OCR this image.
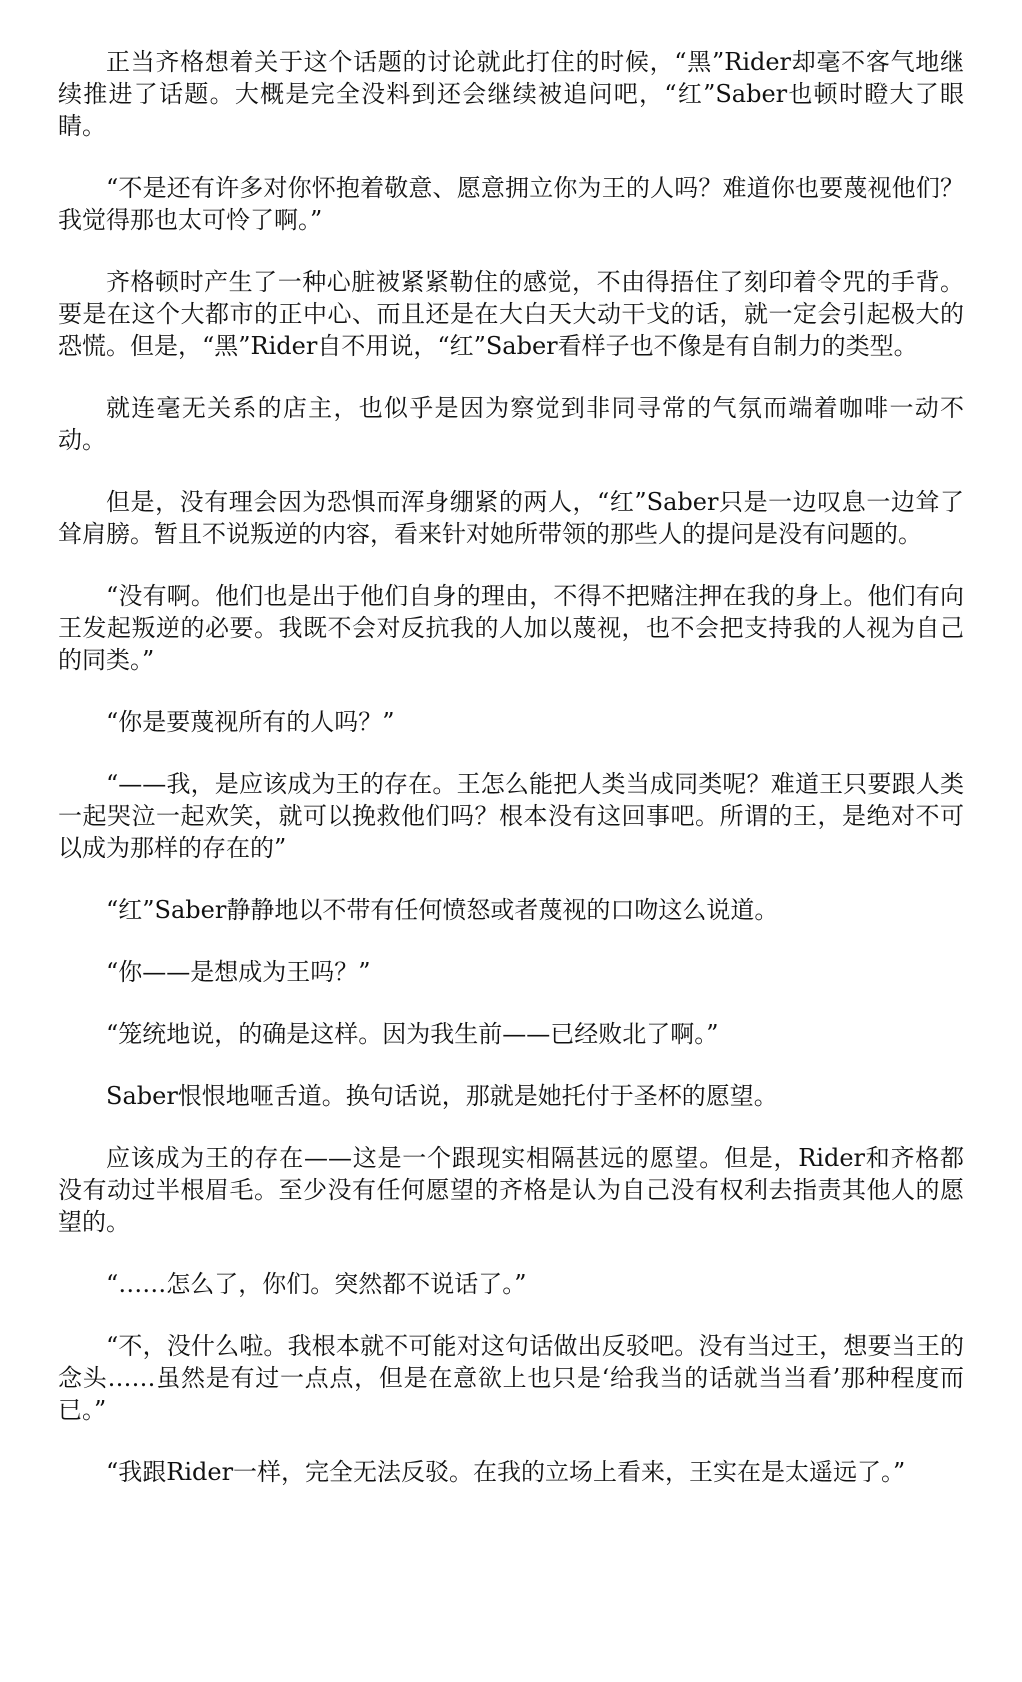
正当齐格想着关于这个话题的讨论就此打住的时候，“黑”Rider却毫不客气地继续推进了话题。大概是完全没料到还会继续被追问吧，“红”Saber也顿时瞪大了眼睛。

“不是还有许多对你怀抱着敬意、愿意拥立你为王的人吗？难道你也要蔑视他们？我觉得那也太可怜了啊。”

齐格顿时产生了一种心脏被紧紧勒住的感觉，不由得捂住了刻印着令咒的手背。要是在这个大都市的正中心、而且还是在大白天大动干戈的话，就一定会引起极大的恐慌。但是，“黑”Rider自不用说，“红”Saber看样子也不像是有自制力的类型。

就连毫无关系的店主，也似乎是因为察觉到非同寻常的气氛而端着咖啡一动不动。

但是，没有理会因为恐惧而浑身绷紧的两人，“红”Saber只是一边叹息一边耸了耸肩膀。暂且不说叛逆的内容，看来针对她所带领的那些人的提问是没有问题的。

“没有啊。他们也是出于他们自身的理由，不得不把赌注押在我的身上。他们有向王发起叛逆的必要。我既不会对反抗我的人加以蔑视，也不会把支持我的人视为自己的同类。”

“你是要蔑视所有的人吗？”

“——我，是应该成为王的存在。王怎么能把人类当成同类呢？难道王只要跟人类一起哭泣一起欢笑，就可以挽救他们吗？根本没有这回事吧。所谓的王，是绝对不可以成为那样的存在的”

“红”Saber静静地以不带有任何愤怒或者蔑视的口吻这么说道。

“你——是想成为王吗？”

“笼统地说，的确是这样。因为我生前——已经败北了啊。”

Saber恨恨地咂舌道。换句话说，那就是她托付于圣杯的愿望。

应该成为王的存在——这是一个跟现实相隔甚远的愿望。但是，Rider和齐格都没有动过半根眉毛。至少没有任何愿望的齐格是认为自己没有权利去指责其他人的愿望的。

“……怎么了，你们。突然都不说话了。”

“不，没什么啦。我根本就不可能对这句话做出反驳吧。没有当过王，想要当王的念头……虽然是有过一点点，但是在意欲上也只是‘给我当的话就当当看’那种程度而已。”

“我跟Rider一样，完全无法反驳。在我的立场上看来，王实在是太遥远了。”
